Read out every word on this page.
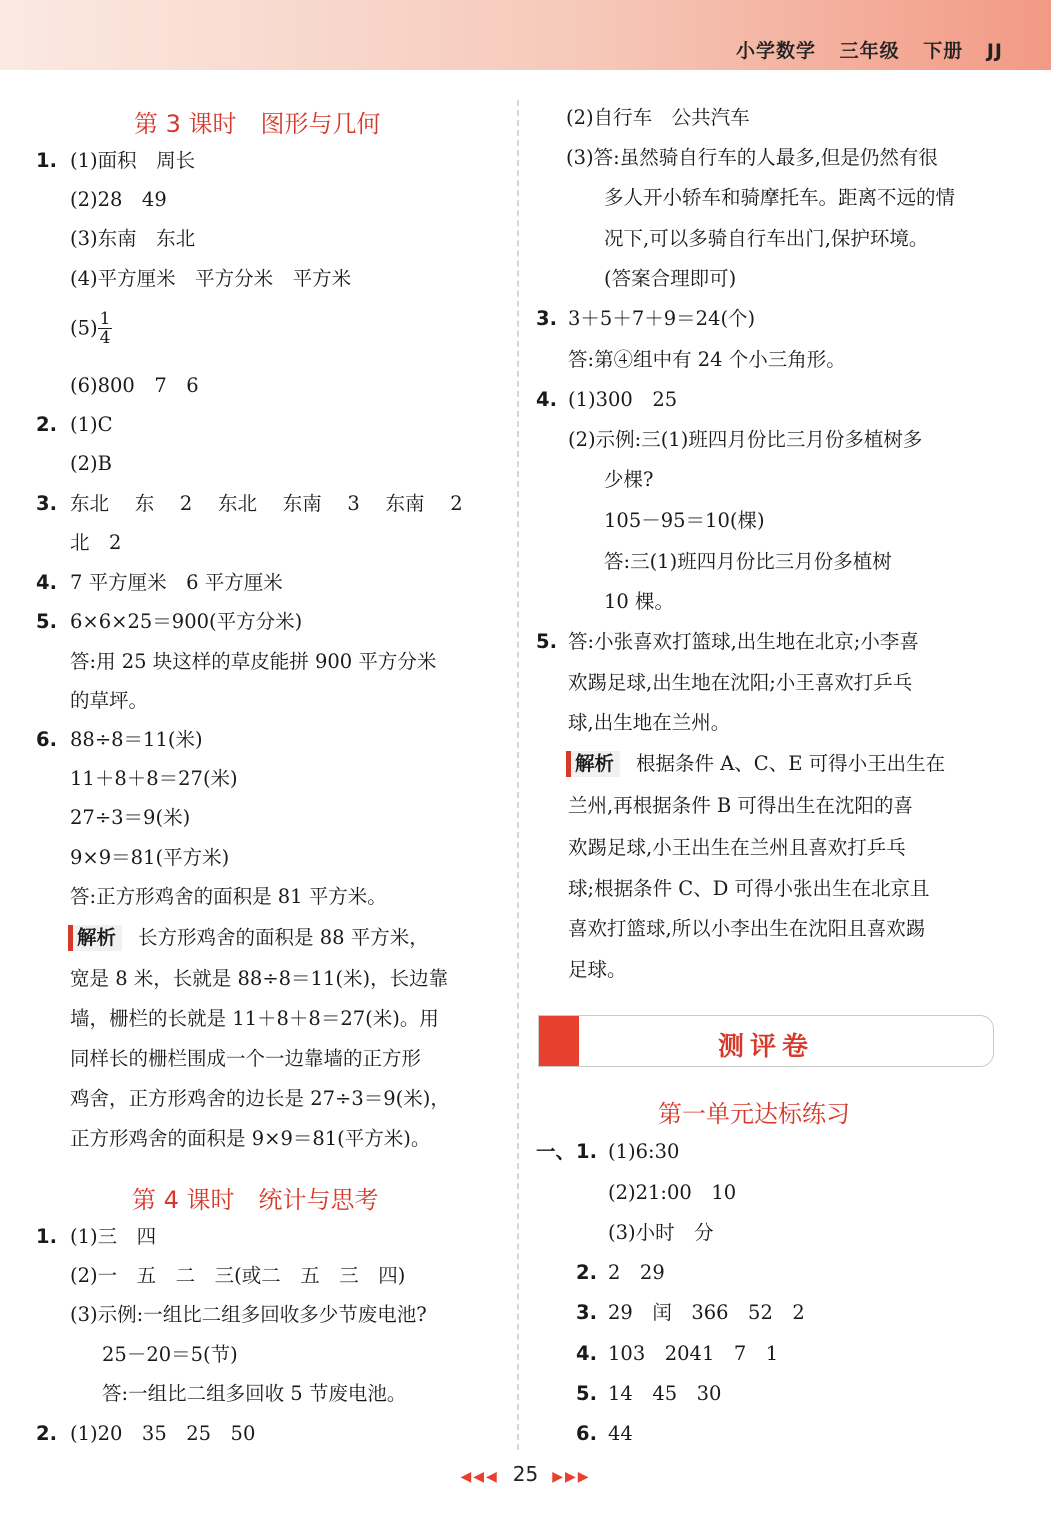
小学数学 三年级 下册 JJ
第 3 课时　图形与几何
1. (1)面积　周长
(2)28　49
(3)东南　东北
(4)平方厘米　平方分米　平方米
$(5) \frac{1}{4}$
(6)800　7　6
2. (1)C
(2)B
3. 东北　 东　 2　 东北　 东南　 3　 东南　 2
北　2
4. 7 平方厘米　6 平方厘米
5. 6×6×25＝900(平方分米)
答:用 25 块这样的草皮能拼 900 平方分米
的草坪。
6. 88÷8＝11(米)
11＋8＋8＝27(米)
27÷3＝9(米)
9×9＝81(平方米)
答:正方形鸡舍的面积是 81 平方米。
解析 长方形鸡舍的面积是 88 平方米，
宽是 8 米，长就是 88÷8＝11(米)，长边靠
墙，栅栏的长就是 11＋8＋8＝27(米)。用
同样长的栅栏围成一个一边靠墙的正方形
鸡舍，正方形鸡舍的边长是 27÷3＝9(米)，
正方形鸡舍的面积是 9×9＝81(平方米)。
第 4 课时　统计与思考
1. (1)三　四
(2)一　五　二　三(或二　五　三　四)
(3)示例:一组比二组多回收多少节废电池?
25－20＝5(节)
答:一组比二组多回收 5 节废电池。
2. (1)20　35　25　50
(2)自行车　公共汽车
(3)答:虽然骑自行车的人最多,但是仍然有很
多人开小轿车和骑摩托车。距离不远的情
况下,可以多骑自行车出门,保护环境。
(答案合理即可)
3. 3＋5＋7＋9＝24(个)
答:第④组中有 24 个小三角形。
4. (1)300　25
(2)示例:三(1)班四月份比三月份多植树多
少棵?
105－95＝10(棵)
答:三(1)班四月份比三月份多植树
10 棵。
5. 答:小张喜欢打篮球,出生地在北京;小李喜
欢踢足球,出生地在沈阳;小王喜欢打乒乓
球,出生地在兰州。
解析 根据条件 A、C、E 可得小王出生在
兰州,再根据条件 B 可得出生在沈阳的喜
欢踢足球,小王出生在兰州且喜欢打乒乓
球;根据条件 C、D 可得小张出生在北京且
喜欢打篮球,所以小李出生在沈阳且喜欢踢
足球。
测评卷
第一单元达标练习
一、 1. (1)6:30
(2)21:00　10
(3)小时　分
2. 2　29
3. 29　闰　366　52　2
4. 103　2041　7　1
5. 14　45　30
6. 44
◀◀◀ 25 ▶▶▶
